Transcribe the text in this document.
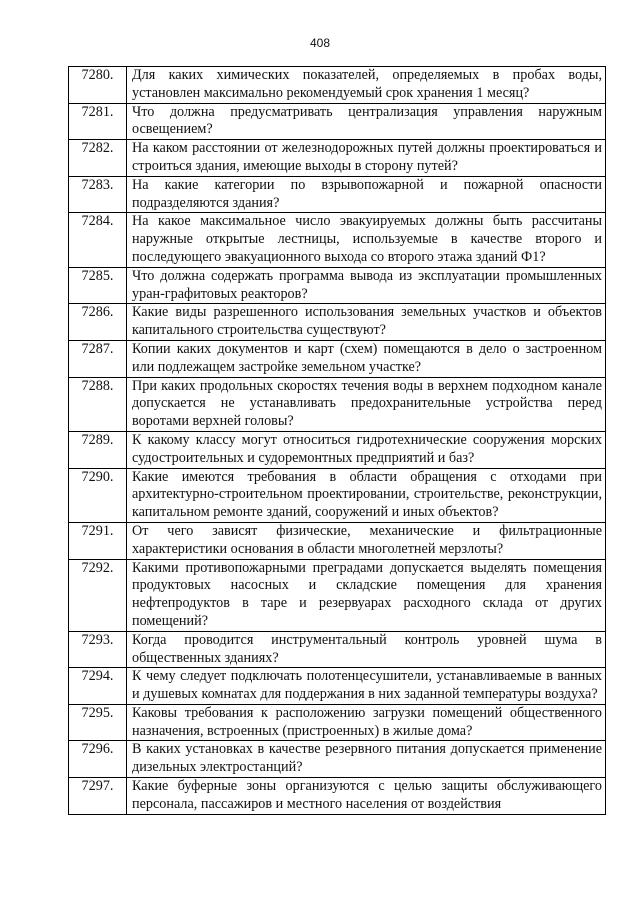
408
7280.	Для каких химических показателей, определяемых в пробах воды, установлен максимально рекомендуемый срок хранения 1 месяц?
7281.	Что должна предусматривать централизация управления наружным освещением?
7282.	На каком расстоянии от железнодорожных путей должны проектироваться и строиться здания, имеющие выходы в сторону путей?
7283.	На какие категории по взрывопожарной и пожарной опасности подразделяются здания?
7284.	На какое максимальное число эвакуируемых должны быть рассчитаны наружные открытые лестницы, используемые в качестве второго и последующего эвакуационного выхода со второго этажа зданий Ф1?
7285.	Что должна содержать программа вывода из эксплуатации промышленных уран-графитовых реакторов?
7286.	Какие виды разрешенного использования земельных участков и объектов капитального строительства существуют?
7287.	Копии каких документов и карт (схем) помещаются в дело о застроенном или подлежащем застройке земельном участке?
7288.	При каких продольных скоростях течения воды в верхнем подходном канале допускается не устанавливать предохранительные устройства перед воротами верхней головы?
7289.	К какому классу могут относиться гидротехнические сооружения морских судостроительных и судоремонтных предприятий и баз?
7290.	Какие имеются требования в области обращения с отходами при архитектурно-строительном проектировании, строительстве, реконструкции, капитальном ремонте зданий, сооружений и иных объектов?
7291.	От чего зависят физические, механические и фильтрационные характеристики основания в области многолетней мерзлоты?
7292.	Какими противопожарными преградами допускается выделять помещения продуктовых насосных и складские помещения для хранения нефтепродуктов в таре и резервуарах расходного склада от других помещений?
7293.	Когда проводится инструментальный контроль уровней шума в общественных зданиях?
7294.	К чему следует подключать полотенцесушители, устанавливаемые в ванных и душевых комнатах для поддержания в них заданной температуры воздуха?
7295.	Каковы требования к расположению загрузки помещений общественного назначения, встроенных (пристроенных) в жилые дома?
7296.	В каких установках в качестве резервного питания допускается применение дизельных электростанций?
7297.	Какие буферные зоны организуются с целью защиты обслуживающего персонала, пассажиров и местного населения от воздействия
